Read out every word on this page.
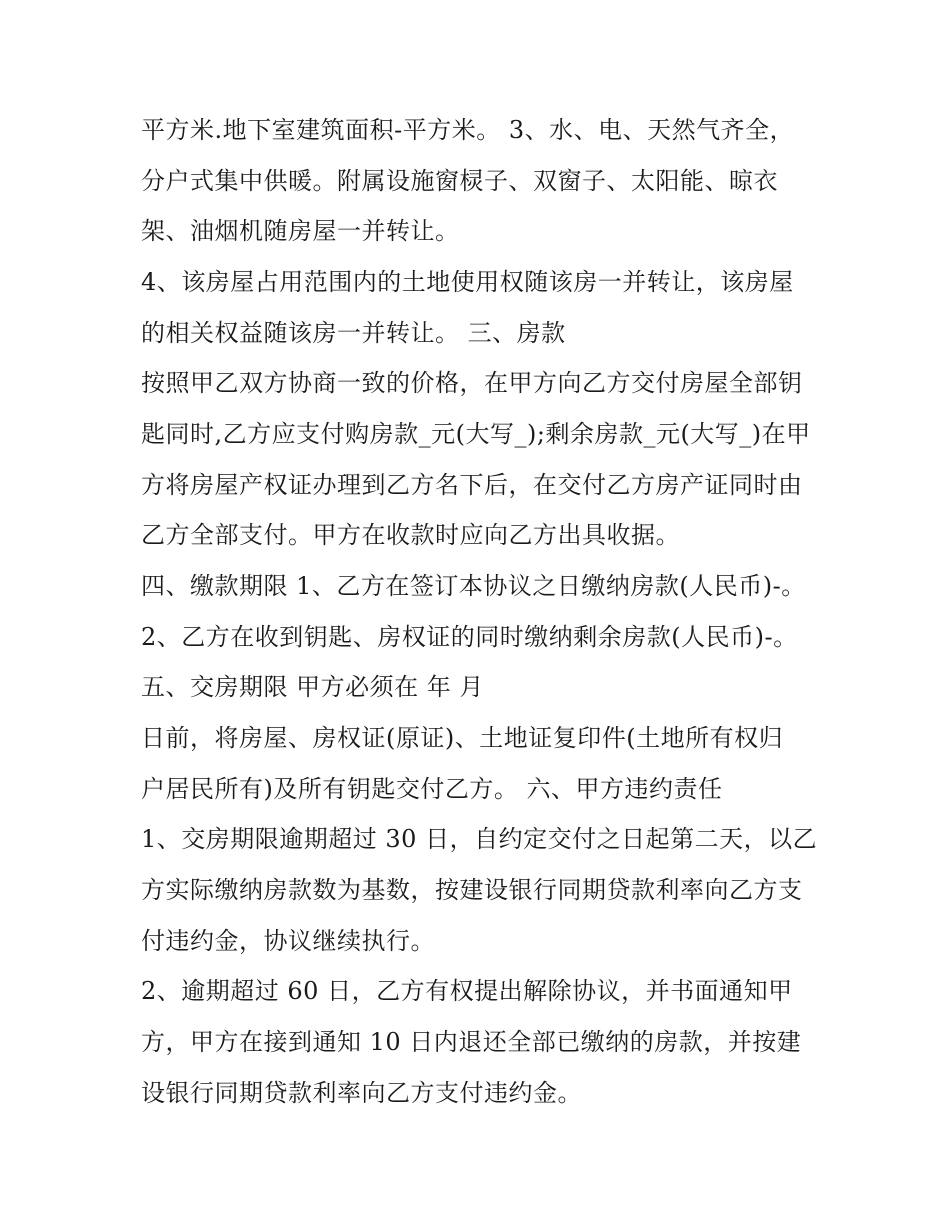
平方米.地下室建筑面积-平方米。 3、水、电、天然气齐全，
分户式集中供暖。附属设施窗棂子、双窗子、太阳能、晾衣
架、油烟机随房屋一并转让。
4、该房屋占用范围内的土地使用权随该房一并转让，该房屋
的相关权益随该房一并转让。 三、房款
按照甲乙双方协商一致的价格，在甲方向乙方交付房屋全部钥
匙同时,乙方应支付购房款_元(大写_);剩余房款_元(大写_)在甲
方将房屋产权证办理到乙方名下后，在交付乙方房产证同时由
乙方全部支付。甲方在收款时应向乙方出具收据。
四、缴款期限 1、乙方在签订本协议之日缴纳房款(人民币)-。
2、乙方在收到钥匙、房权证的同时缴纳剩余房款(人民币)-。
五、交房期限 甲方必须在 年 月
日前，将房屋、房权证(原证)、土地证复印件(土地所有权归
户居民所有)及所有钥匙交付乙方。 六、甲方违约责任
1、交房期限逾期超过 30 日，自约定交付之日起第二天，以乙
方实际缴纳房款数为基数，按建设银行同期贷款利率向乙方支
付违约金，协议继续执行。
2、逾期超过 60 日，乙方有权提出解除协议，并书面通知甲
方，甲方在接到通知 10 日内退还全部已缴纳的房款，并按建
设银行同期贷款利率向乙方支付违约金。
